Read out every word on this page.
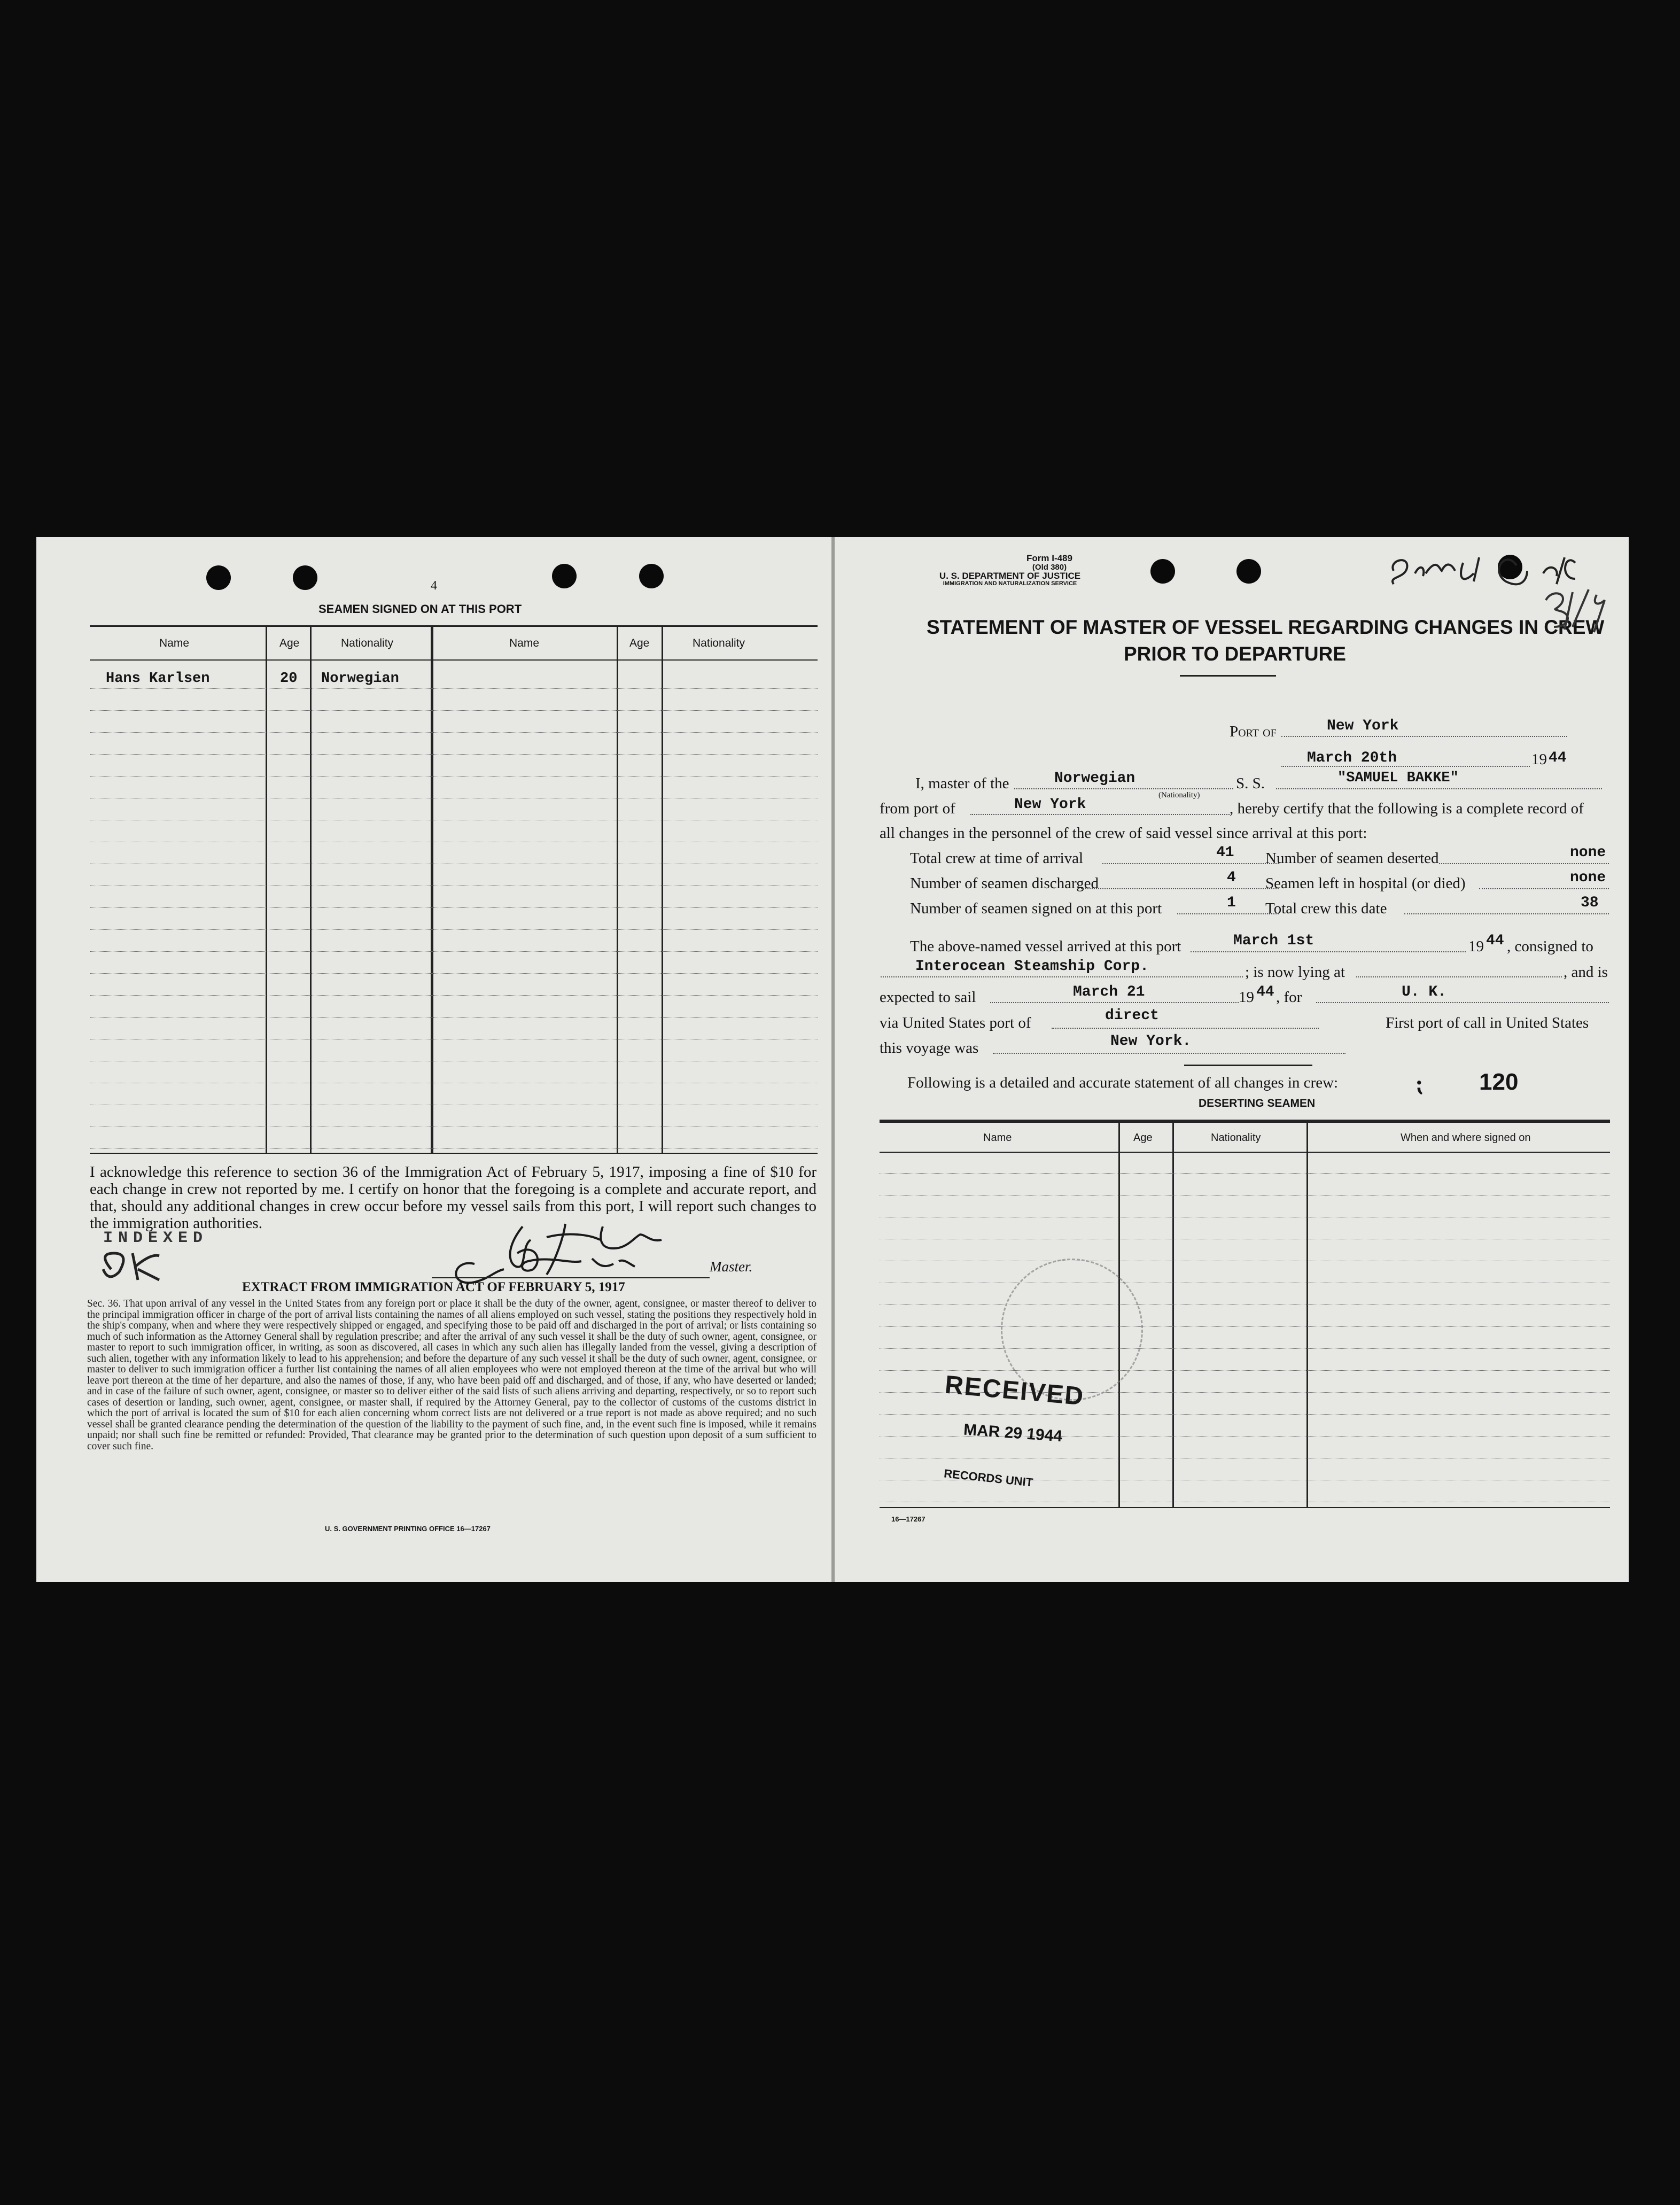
4
SEAMEN SIGNED ON AT THIS PORT
Name	Age	Nationality	Name	Age	Nationality
Hans Karlsen	20 Norwegian
I acknowledge this reference to section 36 of the Immigration Act of February 5, 1917, imposing a fine of $10 for each change in crew not reported by me. I certify on honor that the foregoing is a complete and accurate report, and that, should any additional changes in crew occur before my vessel sails from this port, I will report such changes to the immigration authorities.
INDEXED
Master.
EXTRACT FROM IMMIGRATION ACT OF FEBRUARY 5, 1917
Sec. 36. That upon arrival of any vessel in the United States from any foreign port or place it shall be the duty of the owner, agent, consignee, or master thereof to deliver to the principal immigration officer in charge of the port of arrival lists containing the names of all aliens employed on such vessel, stating the positions they respectively hold in the ship's company, when and where they were respectively shipped or engaged, and specifying those to be paid off and discharged in the port of arrival; or lists containing so much of such information as the Attorney General shall by regulation prescribe; and after the arrival of any such vessel it shall be the duty of such owner, agent, consignee, or master to report to such immigration officer, in writing, as soon as discovered, all cases in which any such alien has illegally landed from the vessel, giving a description of such alien, together with any information likely to lead to his apprehension; and before the departure of any such vessel it shall be the duty of such owner, agent, consignee, or master to deliver to such immigration officer a further list containing the names of all alien employees who were not employed thereon at the time of the arrival but who will leave port thereon at the time of her departure, and also the names of those, if any, who have been paid off and discharged, and of those, if any, who have deserted or landed; and in case of the failure of such owner, agent, consignee, or master so to deliver either of the said lists of such aliens arriving and departing, respectively, or so to report such cases of desertion or landing, such owner, agent, consignee, or master shall, if required by the Attorney General, pay to the collector of customs of the customs district in which the port of arrival is located the sum of $10 for each alien concerning whom correct lists are not delivered or a true report is not made as above required; and no such vessel shall be granted clearance pending the determination of the question of the liability to the payment of such fine, and, in the event such fine is imposed, while it remains unpaid; nor shall such fine be remitted or refunded: Provided, That clearance may be granted prior to the determination of such question upon deposit of a sum sufficient to cover such fine.
U. S. GOVERNMENT PRINTING OFFICE 16—17267
Form I-489
(Old 380)
U. S. DEPARTMENT OF JUSTICE
IMMIGRATION AND NATURALIZATION SERVICE
STATEMENT OF MASTER OF VESSEL REGARDING CHANGES IN CREW
PRIOR TO DEPARTURE
Port of	New York
March 20th	19 44
I, master of the	Norwegian
(Nationality)
S. S.	"SAMUEL BAKKE"
from port of	New York	, hereby certify that the following is a complete record of
all changes in the personnel of the crew of said vessel since arrival at this port:
Total crew at time of arrival	41
Number of seamen discharged	4
Number of seamen signed on at this port	1
Number of seamen deserted	none
Seamen left in hospital (or died)	none
Total crew this date	38
The above-named vessel arrived at this port	March 1st	19 44 , consigned to
Interocean Steamship Corp.	; is now lying at	, and is
expected to sail	March 21	19 44 , for	U. K.
via United States port of	direct	First port of call in United States
this voyage was	New York.
Following is a detailed and accurate statement of all changes in crew:	⁏ 120
DESERTING SEAMEN
Name	Age	Nationality	When and where signed on
RECEIVED
MAR 29 1944
RECORDS UNIT
16—17267
